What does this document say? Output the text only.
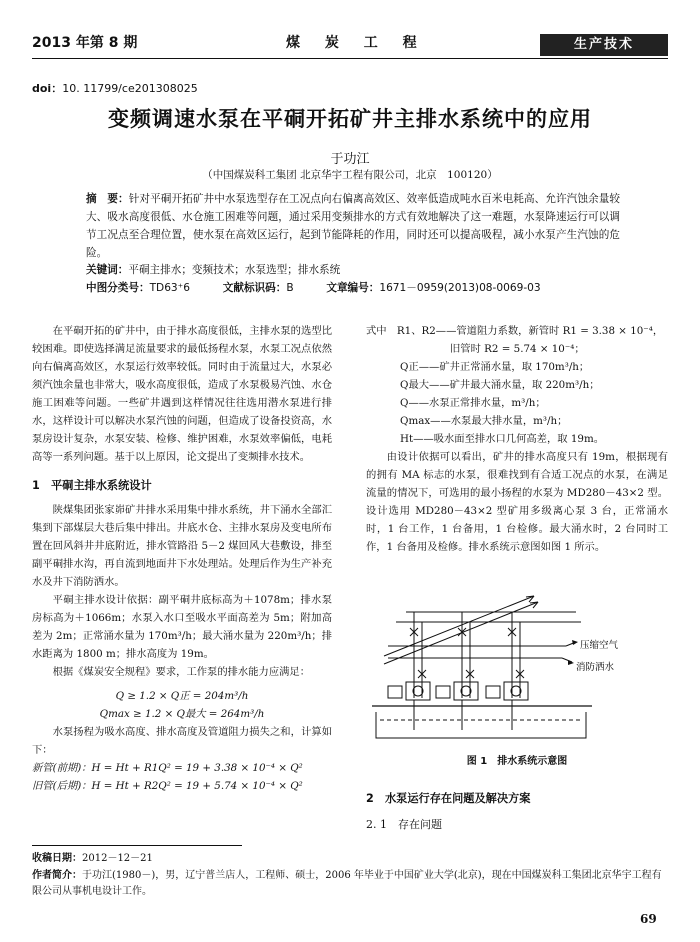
2013 年第 8 期	煤 炭 工 程	生产技术
doi：10. 11799/ce201308025
变频调速水泵在平硐开拓矿井主排水系统中的应用
于功江
（中国煤炭科工集团 北京华宇工程有限公司，北京　100120）
摘　要：针对平硐开拓矿井中水泵选型存在工况点向右偏离高效区、效率低造成吨水百米电耗高、允许汽蚀余量较大、吸水高度很低、水仓施工困难等问题，通过采用变频排水的方式有效地解决了这一难题，水泵降速运行可以调节工况点至合理位置，使水泵在高效区运行，起到节能降耗的作用，同时还可以提高吸程，减小水泵产生汽蚀的危险。
关键词：平硐主排水；变频技术；水泵选型；排水系统
中图分类号：TD63⁺6	文献标识码：B	文章编号：1671－0959(2013)08-0069-03

在平硐开拓的矿井中，由于排水高度很低，主排水泵的选型比较困难。即使选择满足流量要求的最低扬程水泵，水泵工况点依然向右偏离高效区，水泵运行效率较低。同时由于流量过大，水泵必须汽蚀余量也非常大，吸水高度很低，造成了水泵极易汽蚀、水仓施工困难等问题。一些矿井遇到这样情况往往选用潜水泵进行排水，这样设计可以解决水泵汽蚀的问题，但造成了设备投资高，水泵房设计复杂，水泵安装、检修、维护困难，水泵效率偏低，电耗高等一系列问题。基于以上原因，论文提出了变频排水技术。

1　平硐主排水系统设计

陕煤集团张家峁矿井排水采用集中排水系统，井下涌水全部汇集到下部煤层大巷后集中排出。井底水仓、主排水泵房及变电所布置在回风斜井井底附近，排水管路沿 5－2 煤回风大巷敷设，排至副平硐排水沟，再自流到地面井下水处理站。处理后作为生产补充水及井下消防洒水。

平硐主排水设计依据：副平硐井底标高为＋1078m；排水泵房标高为＋1066m；水泵入水口至吸水平面高差为 5m；附加高差为 2m；正常涌水量为 170m³/h；最大涌水量为 220m³/h；排水距离为 1800 m；排水高度为 19m。

根据《煤炭安全规程》要求，工作泵的排水能力应满足：

Q ≥ 1.2 × Q正 = 204m³/h

Qmax ≥ 1.2 × Q最大 = 264m³/h

水泵扬程为吸水高度、排水高度及管道阻力损失之和，计算如下：

新管(前期)：H = Ht + R1Q² = 19 + 3.38 × 10⁻⁴ × Q²

旧管(后期)：H = Ht + R2Q² = 19 + 5.74 × 10⁻⁴ × Q²

式中　R1、R2——管道阻力系数，新管时 R1 = 3.38 × 10⁻⁴，

旧管时 R2 = 5.74 × 10⁻⁴；

Q正——矿井正常涌水量，取 170m³/h；

Q最大——矿井最大涌水量，取 220m³/h；

Q——水泵正常排水量，m³/h；

Qmax——水泵最大排水量，m³/h；

Ht——吸水面至排水口几何高差，取 19m。

由设计依据可以看出，矿井的排水高度只有 19m，根据现有的拥有 MA 标志的水泵，很难找到有合适工况点的水泵，在满足流量的情况下，可选用的最小扬程的水泵为 MD280－43×2 型。设计选用 MD280－43×2 型矿用多级离心泵 3 台，正常涌水时，1 台工作，1 台备用，1 台检修。最大涌水时，2 台同时工作，1 台备用及检修。排水系统示意图如图 1 所示。

压缩空气
消防洒水
图 1　排水系统示意图

2　水泵运行存在问题及解决方案

2. 1　存在问题

收稿日期：2012－12－21
作者简介：于功江(1980－)，男，辽宁普兰店人，工程师、硕士，2006 年毕业于中国矿业大学(北京)，现在中国煤炭科工集团北京华宇工程有限公司从事机电设计工作。
69
